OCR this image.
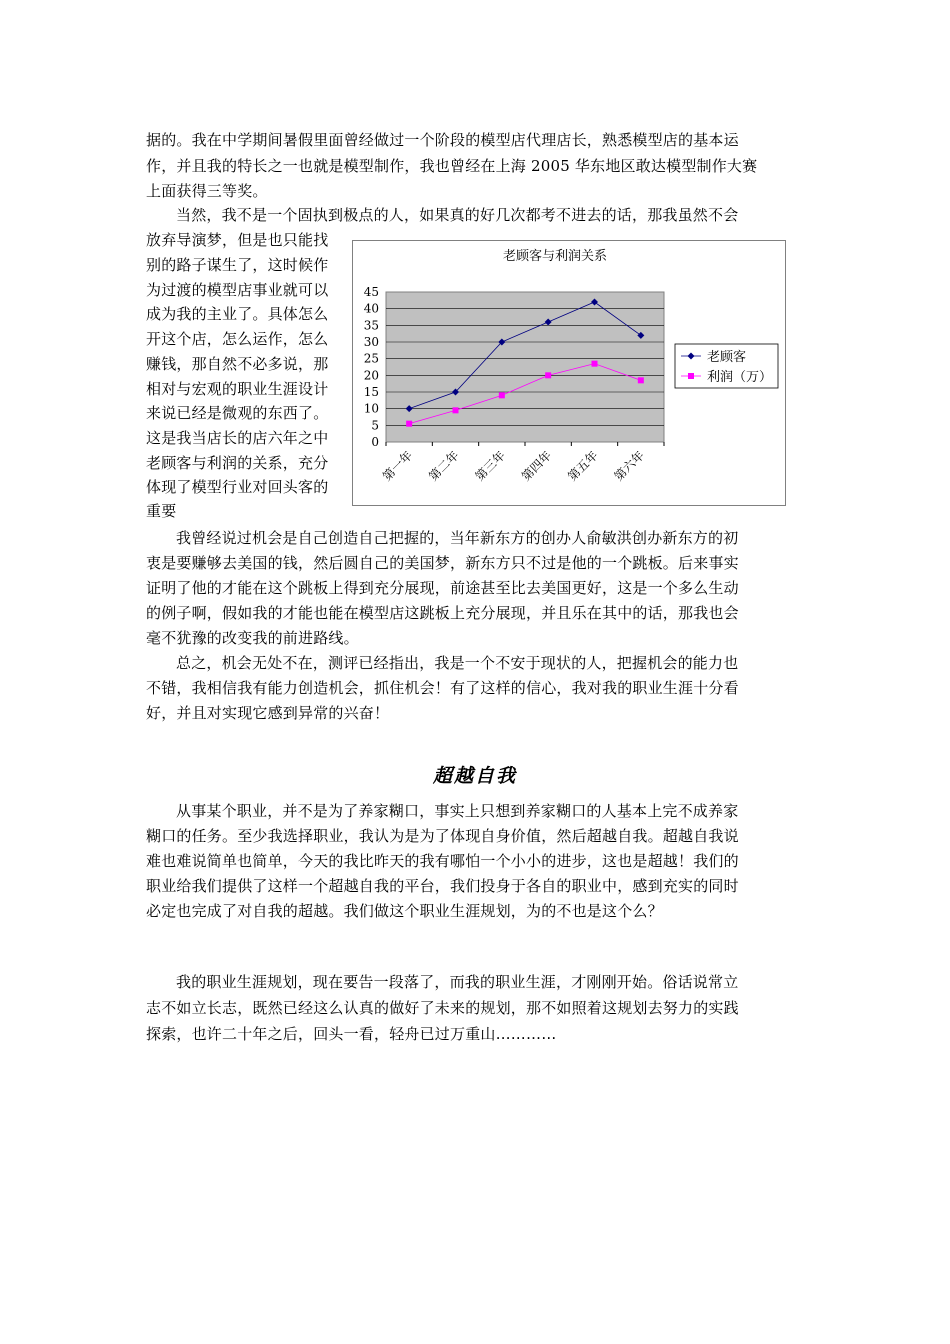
据的。我在中学期间暑假里面曾经做过一个阶段的模型店代理店长，熟悉模型店的基本运
作，并且我的特长之一也就是模型制作，我也曾经在上海 2005 华东地区敢达模型制作大赛
上面获得三等奖。
当然，我不是一个固执到极点的人，如果真的好几次都考不进去的话，那我虽然不会
放弃导演梦，但是也只能找
别的路子谋生了，这时候作
为过渡的模型店事业就可以
成为我的主业了。具体怎么
开这个店，怎么运作，怎么
赚钱，那自然不必多说，那
相对与宏观的职业生涯设计
来说已经是微观的东西了。
这是我当店长的店六年之中
老顾客与利润的关系，充分
体现了模型行业对回头客的
重要
老顾客与利润关系
0
5
10
15
20
25
30
35
40
45
第一年 第二年 第三年 第四年 第五年 第六年
老顾客
利润（万）
我曾经说过机会是自己创造自己把握的，当年新东方的创办人俞敏洪创办新东方的初
衷是要赚够去美国的钱，然后圆自己的美国梦，新东方只不过是他的一个跳板。后来事实
证明了他的才能在这个跳板上得到充分展现，前途甚至比去美国更好，这是一个多么生动
的例子啊，假如我的才能也能在模型店这跳板上充分展现，并且乐在其中的话，那我也会
毫不犹豫的改变我的前进路线。
总之，机会无处不在，测评已经指出，我是一个不安于现状的人，把握机会的能力也
不错，我相信我有能力创造机会，抓住机会！有了这样的信心，我对我的职业生涯十分看
好，并且对实现它感到异常的兴奋！
超越自我
从事某个职业，并不是为了养家糊口，事实上只想到养家糊口的人基本上完不成养家
糊口的任务。至少我选择职业，我认为是为了体现自身价值，然后超越自我。超越自我说
难也难说简单也简单，今天的我比昨天的我有哪怕一个小小的进步，这也是超越！我们的
职业给我们提供了这样一个超越自我的平台，我们投身于各自的职业中，感到充实的同时
必定也完成了对自我的超越。我们做这个职业生涯规划，为的不也是这个么？
我的职业生涯规划，现在要告一段落了，而我的职业生涯，才刚刚开始。俗话说常立
志不如立长志，既然已经这么认真的做好了未来的规划，那不如照着这规划去努力的实践
探索，也许二十年之后，回头一看，轻舟已过万重山…………
